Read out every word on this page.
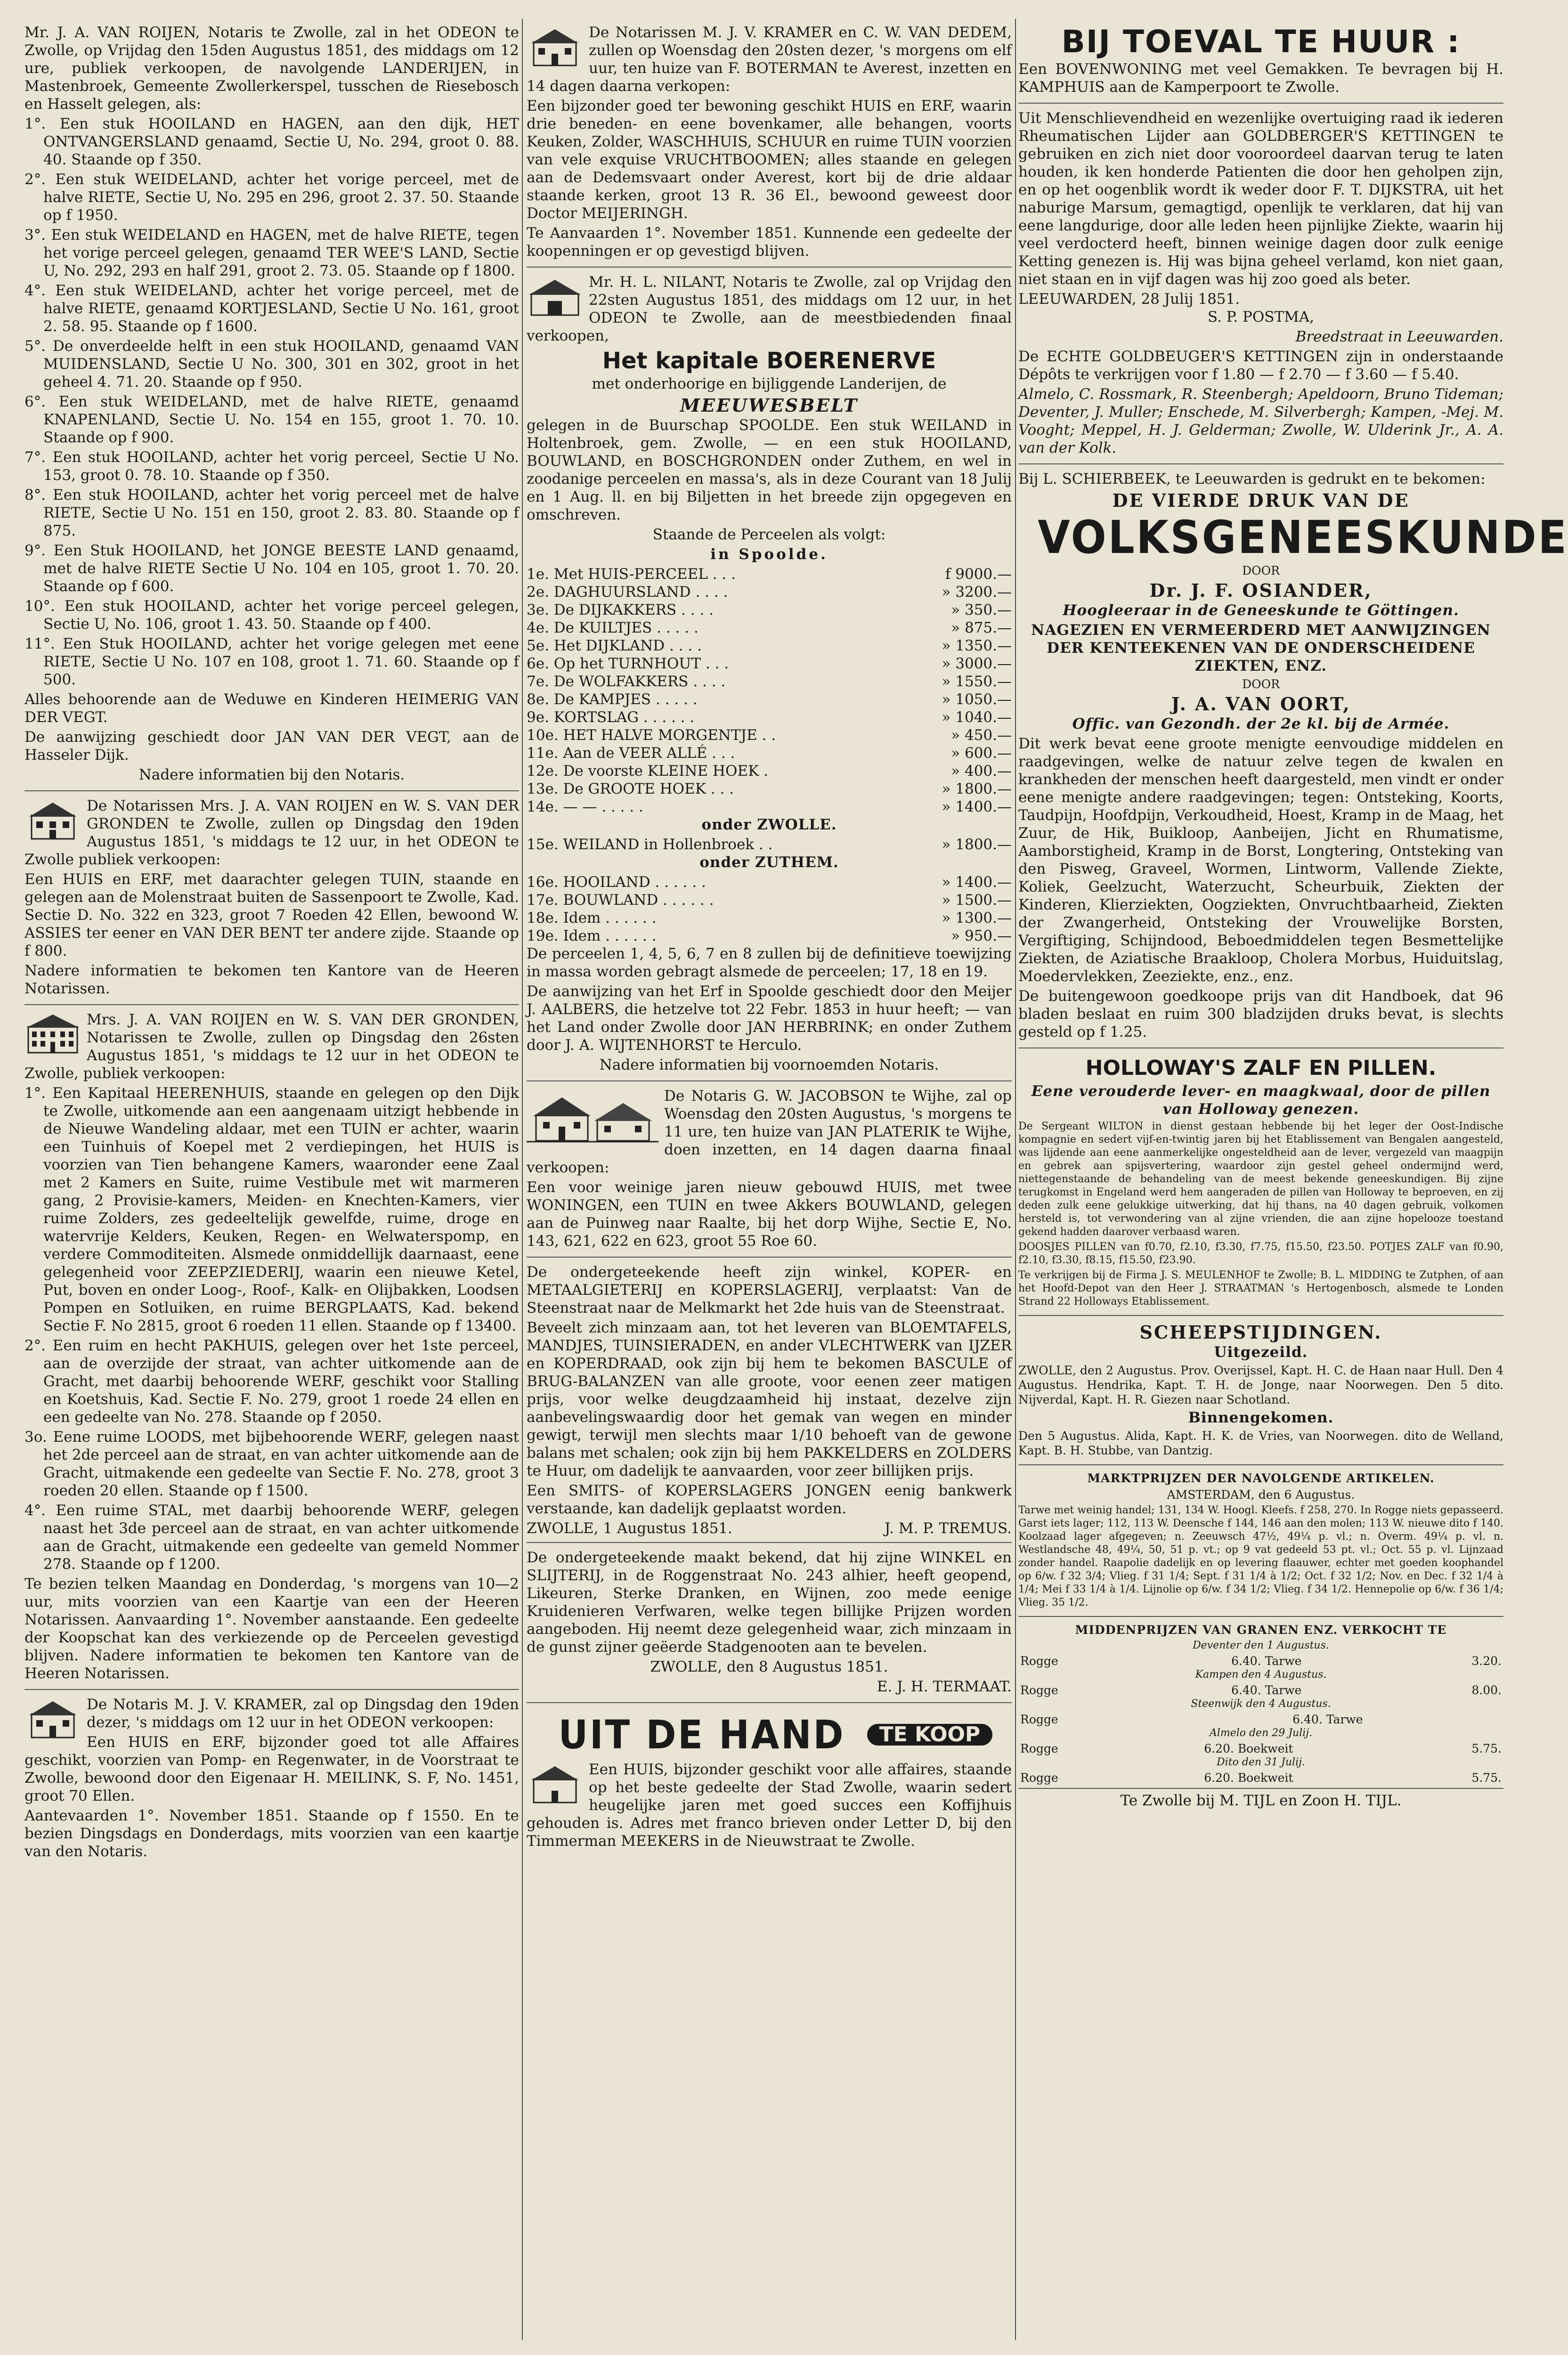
Mr. J. A. VAN ROIJEN, Notaris te Zwolle, zal in het ODEON te Zwolle, op Vrijdag den 15den Augustus 1851, des middags om 12 ure, publiek verkoopen, de navolgende LANDERIJEN, in Mastenbroek, Gemeente Zwollerkerspel, tusschen de Riesebosch en Hasselt gelegen, als:

1°. Een stuk HOOILAND en HAGEN, aan den dijk, HET ONTVANGERSLAND genaamd, Sectie U, No. 294, groot 0. 88. 40. Staande op f 350.

2°. Een stuk WEIDELAND, achter het vorige perceel, met de halve RIETE, Sectie U, No. 295 en 296, groot 2. 37. 50. Staande op f 1950.

3°. Een stuk WEIDELAND en HAGEN, met de halve RIETE, tegen het vorige perceel gelegen, genaamd TER WEE'S LAND, Sectie U, No. 292, 293 en half 291, groot 2. 73. 05. Staande op f 1800.

4°. Een stuk WEIDELAND, achter het vorige perceel, met de halve RIETE, genaamd KORTJESLAND, Sectie U No. 161, groot 2. 58. 95. Staande op f 1600.

5°. De onverdeelde helft in een stuk HOOILAND, genaamd VAN MUIDENSLAND, Sectie U No. 300, 301 en 302, groot in het geheel 4. 71. 20. Staande op f 950.

6°. Een stuk WEIDELAND, met de halve RIETE, genaamd KNAPENLAND, Sectie U. No. 154 en 155, groot 1. 70. 10. Staande op f 900.

7°. Een stuk HOOILAND, achter het vorig perceel, Sectie U No. 153, groot 0. 78. 10. Staande op f 350.

8°. Een stuk HOOILAND, achter het vorig perceel met de halve RIETE, Sectie U No. 151 en 150, groot 2. 83. 80. Staande op f 875.

9°. Een Stuk HOOILAND, het JONGE BEESTE LAND genaamd, met de halve RIETE Sectie U No. 104 en 105, groot 1. 70. 20. Staande op f 600.

10°. Een stuk HOOILAND, achter het vorige perceel gelegen, Sectie U, No. 106, groot 1. 43. 50. Staande op f 400.

11°. Een Stuk HOOILAND, achter het vorige gelegen met eene RIETE, Sectie U No. 107 en 108, groot 1. 71. 60. Staande op f 500.

Alles behoorende aan de Weduwe en Kinderen HEIMERIG VAN DER VEGT.

De aanwijzing geschiedt door JAN VAN DER VEGT, aan de Hasseler Dijk.

Nadere informatien bij den Notaris.

De Notarissen Mrs. J. A. VAN ROIJEN en W. S. VAN DER GRONDEN te Zwolle, zullen op Dingsdag den 19den Augustus 1851, 's middags te 12 uur, in het ODEON te Zwolle publiek verkoopen:

Een HUIS en ERF, met daarachter gelegen TUIN, staande en gelegen aan de Molenstraat buiten de Sassenpoort te Zwolle, Kad. Sectie D. No. 322 en 323, groot 7 Roeden 42 Ellen, bewoond W. ASSIES ter eener en VAN DER BENT ter andere zijde. Staande op f 800.

Nadere informatien te bekomen ten Kantore van de Heeren Notarissen.

Mrs. J. A. VAN ROIJEN en W. S. VAN DER GRONDEN, Notarissen te Zwolle, zullen op Dingsdag den 26sten Augustus 1851, 's middags te 12 uur in het ODEON te Zwolle, publiek verkoopen:

1°. Een Kapitaal HEERENHUIS, staande en gelegen op den Dijk te Zwolle, uitkomende aan een aangenaam uitzigt hebbende in de Nieuwe Wandeling aldaar, met een TUIN er achter, waarin een Tuinhuis of Koepel met 2 verdiepingen, het HUIS is voorzien van Tien behangene Kamers, waaronder eene Zaal met 2 Kamers en Suite, ruime Vestibule met wit marmeren gang, 2 Provisie-kamers, Meiden- en Knechten-Kamers, vier ruime Zolders, zes gedeeltelijk gewelfde, ruime, droge en watervrije Kelders, Keuken, Regen- en Welwaterspomp, en verdere Commoditeiten. Alsmede onmiddellijk daarnaast, eene gelegenheid voor ZEEPZIEDERIJ, waarin een nieuwe Ketel, Put, boven en onder Loog-, Roof-, Kalk- en Olijbakken, Loodsen Pompen en Sotluiken, en ruime BERGPLAATS, Kad. bekend Sectie F. No 2815, groot 6 roeden 11 ellen. Staande op f 13400.

2°. Een ruim en hecht PAKHUIS, gelegen over het 1ste perceel, aan de overzijde der straat, van achter uitkomende aan de Gracht, met daarbij behoorende WERF, geschikt voor Stalling en Koetshuis, Kad. Sectie F. No. 279, groot 1 roede 24 ellen en een gedeelte van No. 278. Staande op f 2050.

3o. Eene ruime LOODS, met bijbehoorende WERF, gelegen naast het 2de perceel aan de straat, en van achter uitkomende aan de Gracht, uitmakende een gedeelte van Sectie F. No. 278, groot 3 roeden 20 ellen. Staande op f 1500.

4°. Een ruime STAL, met daarbij behoorende WERF, gelegen naast het 3de perceel aan de straat, en van achter uitkomende aan de Gracht, uitmakende een gedeelte van gemeld Nommer 278. Staande op f 1200.

Te bezien telken Maandag en Donderdag, 's morgens van 10—2 uur, mits voorzien van een Kaartje van een der Heeren Notarissen. Aanvaarding 1°. November aanstaande. Een gedeelte der Koopschat kan des verkiezende op de Perceelen gevestigd blijven. Nadere informatien te bekomen ten Kantore van de Heeren Notarissen.

De Notaris M. J. V. KRAMER, zal op Dingsdag den 19den dezer, 's middags om 12 uur in het ODEON verkoopen:

Een HUIS en ERF, bijzonder goed tot alle Affaires geschikt, voorzien van Pomp- en Regenwater, in de Voorstraat te Zwolle, bewoond door den Eigenaar H. MEILINK, S. F, No. 1451, groot 70 Ellen.

Aantevaarden 1°. November 1851. Staande op f 1550. En te bezien Dingsdags en Donderdags, mits voorzien van een kaartje van den Notaris.

De Notarissen M. J. V. KRAMER en C. W. VAN DEDEM, zullen op Woensdag den 20sten dezer, 's morgens om elf uur, ten huize van F. BOTERMAN te Averest, inzetten en 14 dagen daarna verkopen:

Een bijzonder goed ter bewoning geschikt HUIS en ERF, waarin drie beneden- en eene bovenkamer, alle behangen, voorts Keuken, Zolder, WASCHHUIS, SCHUUR en ruime TUIN voorzien van vele exquise VRUCHTBOOMEN; alles staande en gelegen aan de Dedemsvaart onder Averest, kort bij de drie aldaar staande kerken, groot 13 R. 36 El., bewoond geweest door Doctor MEIJERINGH.

Te Aanvaarden 1°. November 1851. Kunnende een gedeelte der koopenningen er op gevestigd blijven.

Mr. H. L. NILANT, Notaris te Zwolle, zal op Vrijdag den 22sten Augustus 1851, des middags om 12 uur, in het ODEON te Zwolle, aan de meestbiedenden finaal verkoopen,

Het kapitale BOERENERVE

met onderhoorige en bijliggende Landerijen, de

MEEUWESBELT

gelegen in de Buurschap SPOOLDE. Een stuk WEILAND in Holtenbroek, gem. Zwolle, — en een stuk HOOILAND, BOUWLAND, en BOSCHGRONDEN onder Zuthem, en wel in zoodanige perceelen en massa's, als in deze Courant van 18 Julij en 1 Aug. ll. en bij Biljetten in het breede zijn opgegeven en omschreven.

Staande de Perceelen als volgt:

in Spoolde.

1e. Met HUIS-PERCEEL . . .	f 9000.—
2e. DAGHUURSLAND . . . .	» 3200.—
3e. De DIJKAKKERS . . . .	» 350.—
4e. De KUILTJES . . . . .	» 875.—
5e. Het DIJKLAND . . . .	» 1350.—
6e. Op het TURNHOUT . . .	» 3000.—
7e. De WOLFAKKERS . . . .	» 1550.—
8e. De KAMPJES . . . . .	» 1050.—
9e. KORTSLAG . . . . . .	» 1040.—
10e. HET HALVE MORGENTJE . .	» 450.—
11e. Aan de VEER ALLÉ . . .	» 600.—
12e. De voorste KLEINE HOEK .	» 400.—
13e. De GROOTE HOEK . . .	» 1800.—
14e. — — . . . . .	» 1400.—

onder ZWOLLE.

15e. WEILAND in Hollenbroek . .	» 1800.—

onder ZUTHEM.

16e. HOOILAND . . . . . .	» 1400.—
17e. BOUWLAND . . . . . .	» 1500.—
18e. Idem . . . . . .	» 1300.—
19e. Idem . . . . . .	» 950.—

De perceelen 1, 4, 5, 6, 7 en 8 zullen bij de definitieve toewijzing in massa worden gebragt alsmede de perceelen; 17, 18 en 19.

De aanwijzing van het Erf in Spoolde geschiedt door den Meijer J. AALBERS, die hetzelve tot 22 Febr. 1853 in huur heeft; — van het Land onder Zwolle door JAN HERBRINK; en onder Zuthem door J. A. WIJTENHORST te Herculo.

Nadere informatien bij voornoemden Notaris.

De Notaris G. W. JACOBSON te Wijhe, zal op Woensdag den 20sten Augustus, 's morgens te 11 ure, ten huize van JAN PLATERIK te Wijhe, doen inzetten, en 14 dagen daarna finaal verkoopen:

Een voor weinige jaren nieuw gebouwd HUIS, met twee WONINGEN, een TUIN en twee Akkers BOUWLAND, gelegen aan de Puinweg naar Raalte, bij het dorp Wijhe, Sectie E, No. 143, 621, 622 en 623, groot 55 Roe 60.

De ondergeteekende heeft zijn winkel, KOPER- en METAALGIETERIJ en KOPERSLAGERIJ, verplaatst: Van de Steenstraat naar de Melkmarkt het 2de huis van de Steenstraat.

Beveelt zich minzaam aan, tot het leveren van BLOEMTAFELS, MANDJES, TUINSIERADEN, en ander VLECHTWERK van IJZER en KOPERDRAAD, ook zijn bij hem te bekomen BASCULE of BRUG-BALANZEN van alle groote, voor eenen zeer matigen prijs, voor welke deugdzaamheid hij instaat, dezelve zijn aanbevelingswaardig door het gemak van wegen en minder gewigt, terwijl men slechts maar 1/10 behoeft van de gewone balans met schalen; ook zijn bij hem PAKKELDERS en ZOLDERS te Huur, om dadelijk te aanvaarden, voor zeer billijken prijs.

Een SMITS- of KOPERSLAGERS JONGEN eenig bankwerk verstaande, kan dadelijk geplaatst worden.

ZWOLLE, 1 Augustus 1851.	J. M. P. TREMUS.

De ondergeteekende maakt bekend, dat hij zijne WINKEL en SLIJTERIJ, in de Roggenstraat No. 243 alhier, heeft geopend, Likeuren, Sterke Dranken, en Wijnen, zoo mede eenige Kruidenieren Verfwaren, welke tegen billijke Prijzen worden aangeboden. Hij neemt deze gelegenheid waar, zich minzaam in de gunst zijner geëerde Stadgenooten aan te bevelen.

ZWOLLE, den 8 Augustus 1851.

E. J. H. TERMAAT.

UIT DE HAND	TE KOOP

Een HUIS, bijzonder geschikt voor alle affaires, staande op het beste gedeelte der Stad Zwolle, waarin sedert heugelijke jaren met goed succes een Koffijhuis gehouden is. Adres met franco brieven onder Letter D, bij den Timmerman MEEKERS in de Nieuwstraat te Zwolle.

BIJ TOEVAL TE HUUR :

Een BOVENWONING met veel Gemakken. Te bevragen bij H. KAMPHUIS aan de Kamperpoort te Zwolle.

Uit Menschlievendheid en wezenlijke overtuiging raad ik iederen Rheumatischen Lijder aan GOLDBERGER'S KETTINGEN te gebruiken en zich niet door vooroordeel daarvan terug te laten houden, ik ken honderde Patienten die door hen geholpen zijn, en op het oogenblik wordt ik weder door F. T. DIJKSTRA, uit het naburige Marsum, gemagtigd, openlijk te verklaren, dat hij van eene langdurige, door alle leden heen pijnlijke Ziekte, waarin hij veel verdocterd heeft, binnen weinige dagen door zulk eenige Ketting genezen is. Hij was bijna geheel verlamd, kon niet gaan, niet staan en in vijf dagen was hij zoo goed als beter.

LEEUWARDEN, 28 Julij 1851.

S. P. POSTMA,

Breedstraat in Leeuwarden.

De ECHTE GOLDBEUGER'S KETTINGEN zijn in onderstaande Dépôts te verkrijgen voor f 1.80 — f 2.70 — f 3.60 — f 5.40.

Almelo, C. Rossmark, R. Steenbergh; Apeldoorn, Bruno Tideman; Deventer, J. Muller; Enschede, M. Silverbergh; Kampen, -Mej. M. Vooght; Meppel, H. J. Gelderman; Zwolle, W. Ulderink Jr., A. A. van der Kolk.

Bij L. SCHIERBEEK, te Leeuwarden is gedrukt en te bekomen:

DE VIERDE DRUK VAN DE
VOLKSGENEESKUNDE

DOOR

Dr. J. F. OSIANDER,

Hoogleeraar in de Geneeskunde te Göttingen.

NAGEZIEN EN VERMEERDERD MET AANWIJZINGEN DER KENTEEKENEN VAN DE ONDERSCHEIDENE ZIEKTEN, ENZ.

DOOR

J. A. VAN OORT,

Offic. van Gezondh. der 2e kl. bij de Armée.

Dit werk bevat eene groote menigte eenvoudige middelen en raadgevingen, welke de natuur zelve tegen de kwalen en krankheden der menschen heeft daargesteld, men vindt er onder eene menigte andere raadgevingen; tegen: Ontsteking, Koorts, Taudpijn, Hoofdpijn, Verkoudheid, Hoest, Kramp in de Maag, het Zuur, de Hik, Buikloop, Aanbeijen, Jicht en Rhumatisme, Aamborstigheid, Kramp in de Borst, Longtering, Ontsteking van den Pisweg, Graveel, Wormen, Lintworm, Vallende Ziekte, Koliek, Geelzucht, Waterzucht, Scheurbuik, Ziekten der Kinderen, Klierziekten, Oogziekten, Onvruchtbaarheid, Ziekten der Zwangerheid, Ontsteking der Vrouwelijke Borsten, Vergiftiging, Schijndood, Beboedmiddelen tegen Besmettelijke Ziekten, de Aziatische Braakloop, Cholera Morbus, Huiduitslag, Moedervlekken, Zeeziekte, enz., enz.

De buitengewoon goedkoope prijs van dit Handboek, dat 96 bladen beslaat en ruim 300 bladzijden druks bevat, is slechts gesteld op f 1.25.

HOLLOWAY'S ZALF EN PILLEN.

Eene verouderde lever- en maagkwaal, door de pillen van Holloway genezen.

De Sergeant WILTON in dienst gestaan hebbende bij het leger der Oost-Indische kompagnie en sedert vijf-en-twintig jaren bij het Etablissement van Bengalen aangesteld, was lijdende aan eene aanmerkelijke ongesteldheid aan de lever, vergezeld van maagpijn en gebrek aan spijsvertering, waardoor zijn gestel geheel ondermijnd werd, niettegenstaande de behandeling van de meest bekende geneeskundigen. Bij zijne terugkomst in Engeland werd hem aangeraden de pillen van Holloway te beproeven, en zij deden zulk eene gelukkige uitwerking, dat hij thans, na 40 dagen gebruik, volkomen hersteld is, tot verwondering van al zijne vrienden, die aan zijne hopelooze toestand gekend hadden daarover verbaasd waren.

DOOSJES PILLEN van f0.70, f2.10, f3.30, f7.75, f15.50, f23.50. POTJES ZALF van f0.90, f2.10, f3.30, f8.15, f15.50, f23.90.

Te verkrijgen bij de Firma J. S. MEULENHOF te Zwolle; B. L. MIDDING te Zutphen, of aan het Hoofd-Depot van den Heer J. STRAATMAN 's Hertogenbosch, alsmede te Londen Strand 22 Holloways Etablissement.

SCHEEPSTIJDINGEN.

Uitgezeild.

ZWOLLE, den 2 Augustus. Prov. Overijssel, Kapt. H. C. de Haan naar Hull. Den 4 Augustus. Hendrika, Kapt. T. H. de Jonge, naar Noorwegen. Den 5 dito. Nijverdal, Kapt. H. R. Giezen naar Schotland.

Binnengekomen.

Den 5 Augustus. Alida, Kapt. H. K. de Vries, van Noorwegen. dito de Welland, Kapt. B. H. Stubbe, van Dantzig.

MARKTPRIJZEN DER NAVOLGENDE ARTIKELEN.

AMSTERDAM, den 6 Augustus.

Tarwe met weinig handel; 131, 134 W. Hoogl. Kleefs. f 258, 270. In Rogge niets gepasseerd. Garst iets lager; 112, 113 W. Deensche f 144, 146 aan den molen; 113 W. nieuwe dito f 140. Koolzaad lager afgegeven; n. Zeeuwsch 47½, 49¼ p. vl.; n. Overm. 49¼ p. vl. n. Westlandsche 48, 49¼, 50, 51 p. vt.; op 9 vat gedeeld 53 pt. vl.; Oct. 55 p. vl. Lijnzaad zonder handel. Raapolie dadelijk en op levering flaauwer, echter met goeden koophandel op 6/w. f 32 3/4; Vlieg. f 31 1/4; Sept. f 31 1/4 à 1/2; Oct. f 32 1/2; Nov. en Dec. f 32 1/4 à 1/4; Mei f 33 1/4 à 1/4. Lijnolie op 6/w. f 34 1/2; Vlieg. f 34 1/2. Hennepolie op 6/w. f 36 1/4; Vlieg. 35 1/2.

MIDDENPRIJZEN VAN GRANEN ENZ. VERKOCHT TE

Deventer den 1 Augustus.

Rogge	6.40.	Tarwe	3.20.

Kampen den 4 Augustus.

Rogge	6.40.	Tarwe	8.00.

Steenwijk den 4 Augustus.

Rogge	6.40.	Tarwe	

Almelo den 29 Julij.

Rogge	6.20.	Boekweit	5.75.

Dito den 31 Julij.

Rogge	6.20.	Boekweit	5.75.

Te Zwolle bij M. TIJL en Zoon H. TIJL.
